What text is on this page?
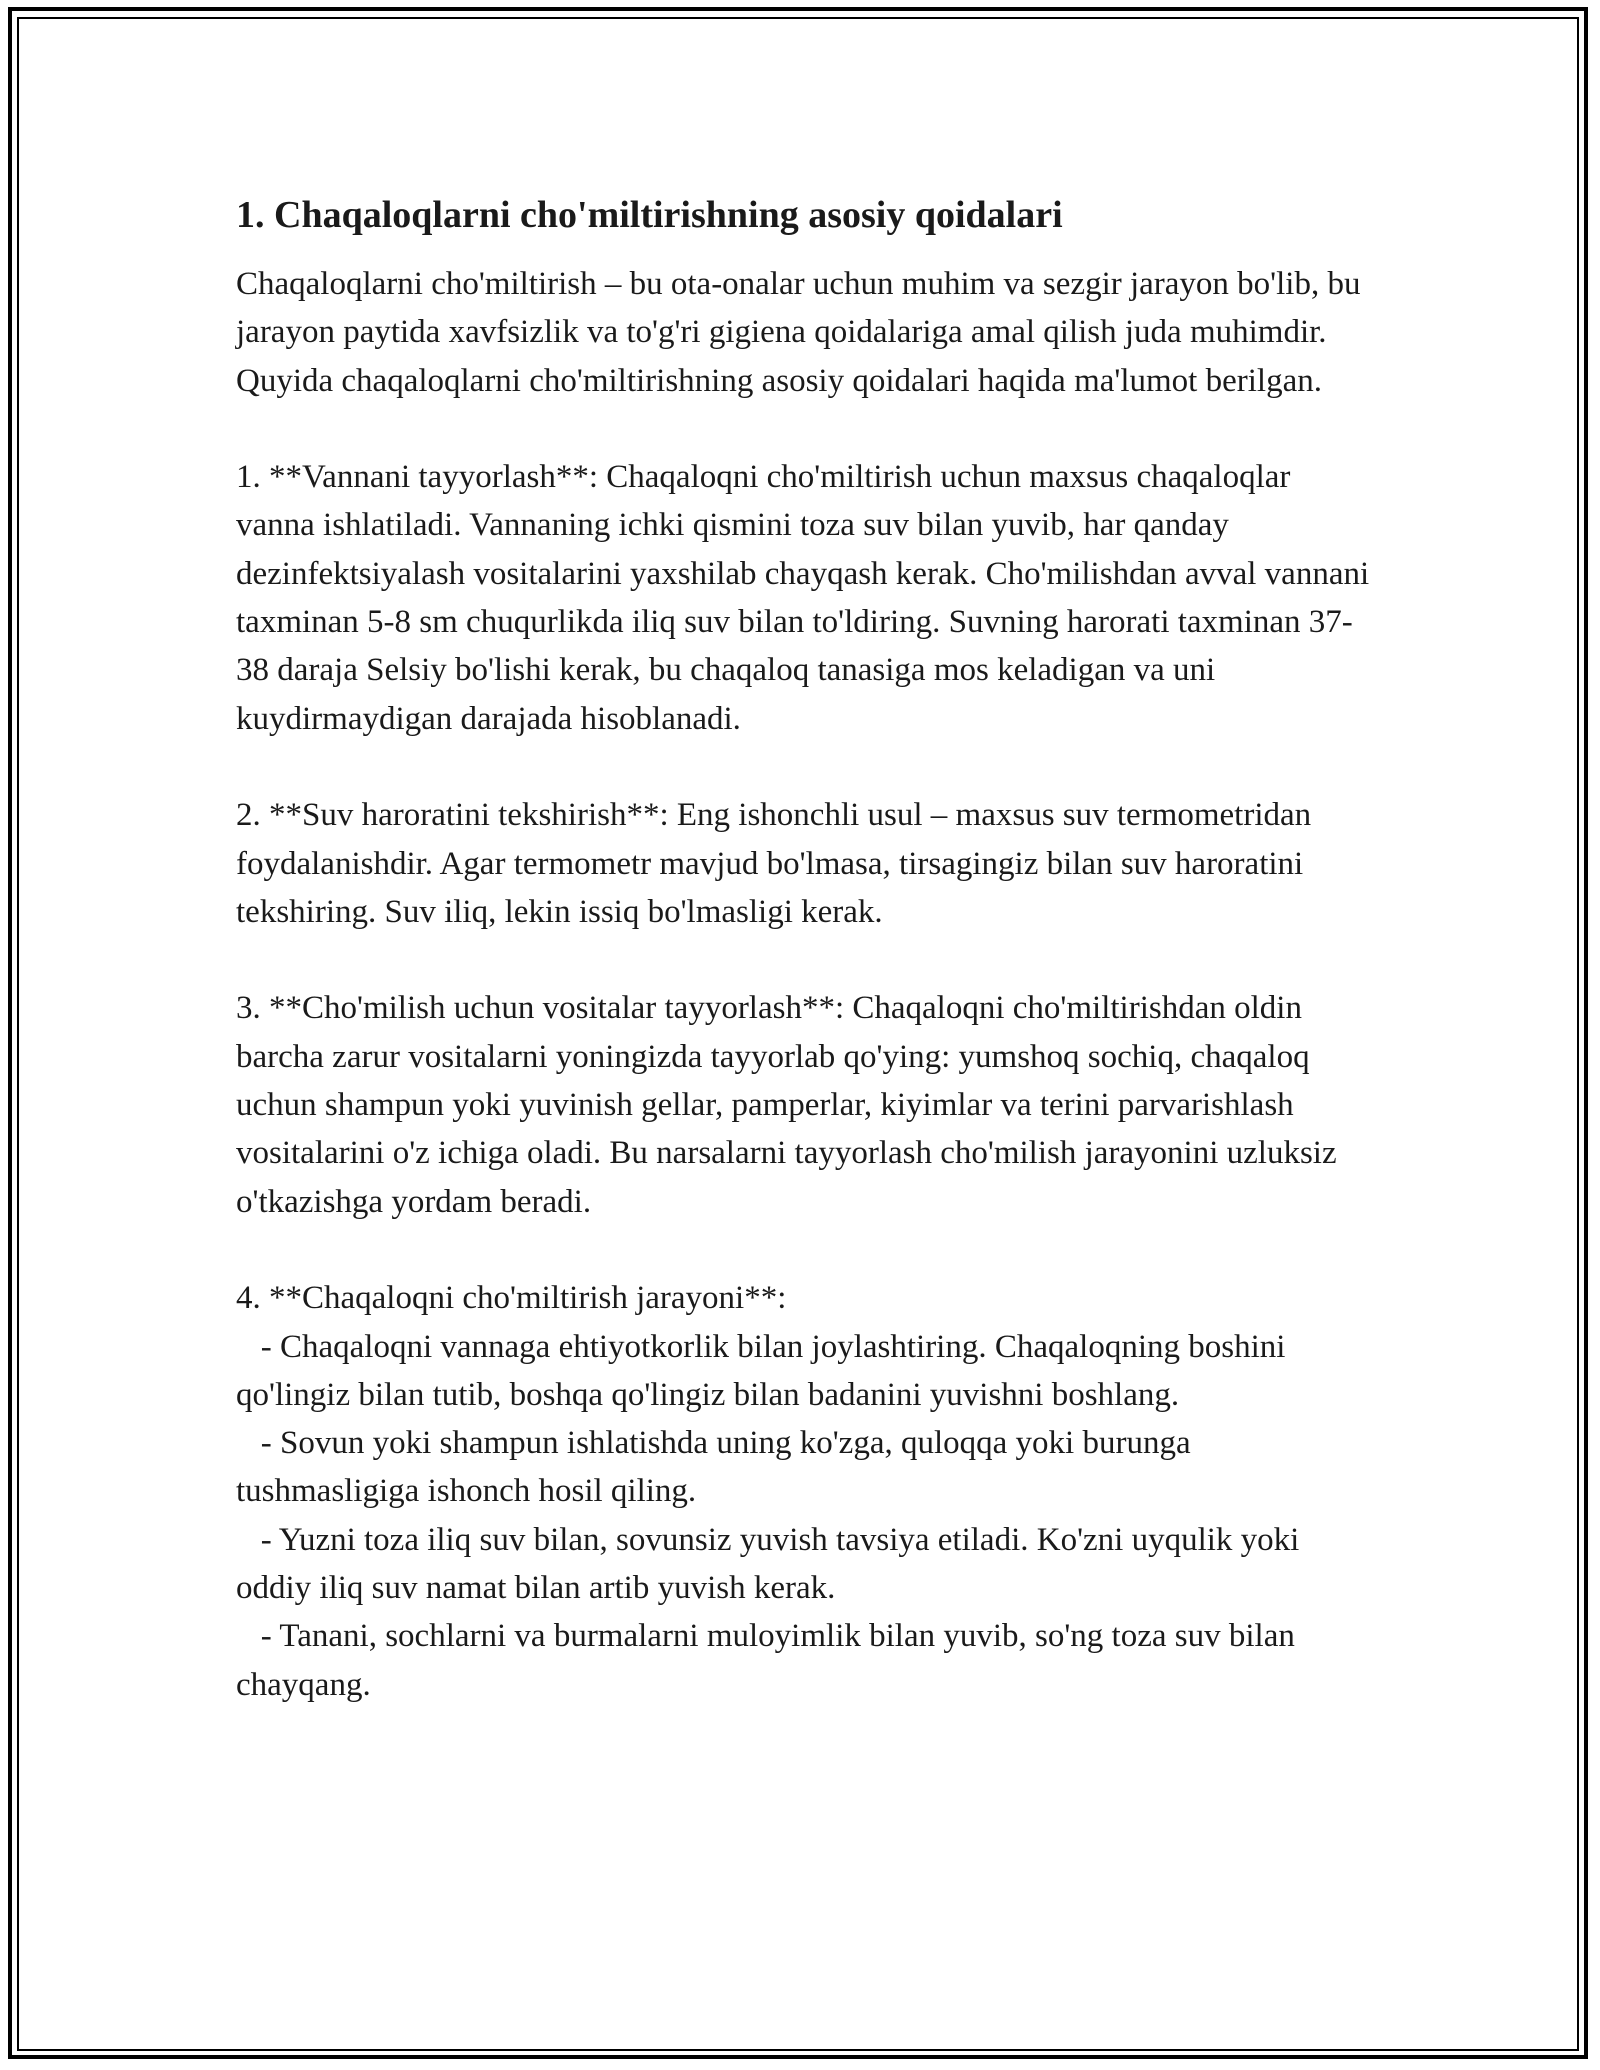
1. Chaqaloqlarni cho'miltirishning asosiy qoidalari

Chaqaloqlarni cho'miltirish – bu ota-onalar uchun muhim va sezgir jarayon bo'lib, bu jarayon paytida xavfsizlik va to'g'ri gigiena qoidalariga amal qilish juda muhimdir. Quyida chaqaloqlarni cho'miltirishning asosiy qoidalari haqida ma'lumot berilgan.

1. **Vannani tayyorlash**: Chaqaloqni cho'miltirish uchun maxsus chaqaloqlar vanna ishlatiladi. Vannaning ichki qismini toza suv bilan yuvib, har qanday dezinfektsiyalash vositalarini yaxshilab chayqash kerak. Cho'milishdan avval vannani taxminan 5-8 sm chuqurlikda iliq suv bilan to'ldiring. Suvning harorati taxminan 37-38 daraja Selsiy bo'lishi kerak, bu chaqaloq tanasiga mos keladigan va uni kuydirmaydigan darajada hisoblanadi.

2. **Suv haroratini tekshirish**: Eng ishonchli usul – maxsus suv termometridan foydalanishdir. Agar termometr mavjud bo'lmasa, tirsagingiz bilan suv haroratini tekshiring. Suv iliq, lekin issiq bo'lmasligi kerak.

3. **Cho'milish uchun vositalar tayyorlash**: Chaqaloqni cho'miltirishdan oldin barcha zarur vositalarni yoningizda tayyorlab qo'ying: yumshoq sochiq, chaqaloq uchun shampun yoki yuvinish gellar, pamperlar, kiyimlar va terini parvarishlash vositalarini o'z ichiga oladi. Bu narsalarni tayyorlash cho'milish jarayonini uzluksiz o'tkazishga yordam beradi.

4. **Chaqaloqni cho'miltirish jarayoni**:
- Chaqaloqni vannaga ehtiyotkorlik bilan joylashtiring. Chaqaloqning boshini qo'lingiz bilan tutib, boshqa qo'lingiz bilan badanini yuvishni boshlang.
- Sovun yoki shampun ishlatishda uning ko'zga, quloqqa yoki burunga tushmasligiga ishonch hosil qiling.
- Yuzni toza iliq suv bilan, sovunsiz yuvish tavsiya etiladi. Ko'zni uyqulik yoki oddiy iliq suv namat bilan artib yuvish kerak.
- Tanani, sochlarni va burmalarni muloyimlik bilan yuvib, so'ng toza suv bilan chayqang.
